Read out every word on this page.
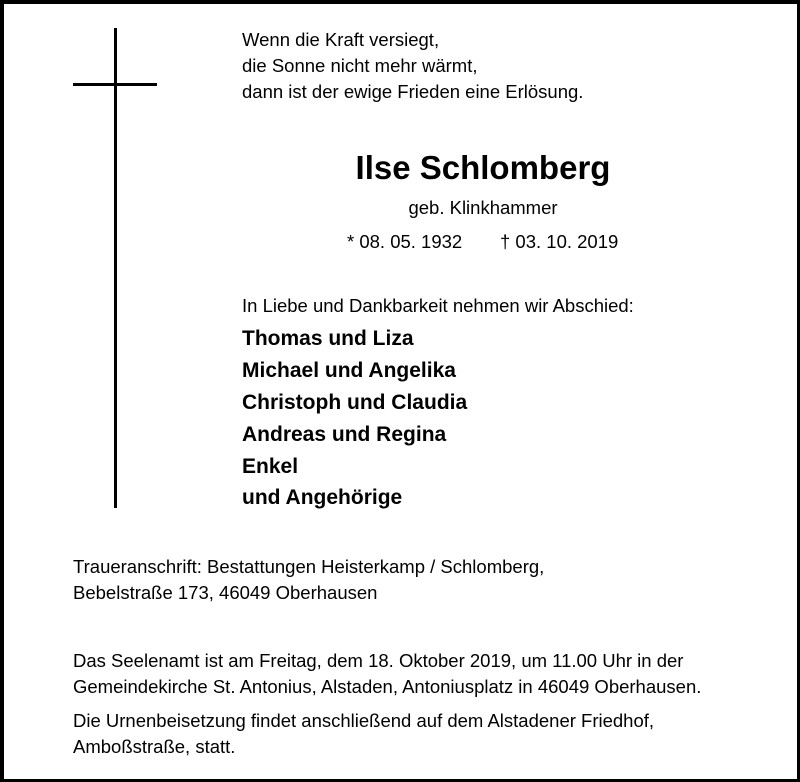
Wenn die Kraft versiegt,
die Sonne nicht mehr wärmt,
dann ist der ewige Frieden eine Erlösung.
Ilse Schlomberg
geb. Klinkhammer
* 08. 05. 1932 † 03. 10. 2019
In Liebe und Dankbarkeit nehmen wir Abschied:
Thomas und Liza
Michael und Angelika
Christoph und Claudia
Andreas und Regina
Enkel
und Angehörige
Traueranschrift: Bestattungen Heisterkamp / Schlomberg,
Bebelstraße 173, 46049 Oberhausen
Das Seelenamt ist am Freitag, dem 18. Oktober 2019, um 11.00 Uhr in der
Gemeindekirche St. Antonius, Alstaden, Antoniusplatz in 46049 Oberhausen.
Die Urnenbeisetzung findet anschließend auf dem Alstadener Friedhof,
Amboßstraße, statt.
